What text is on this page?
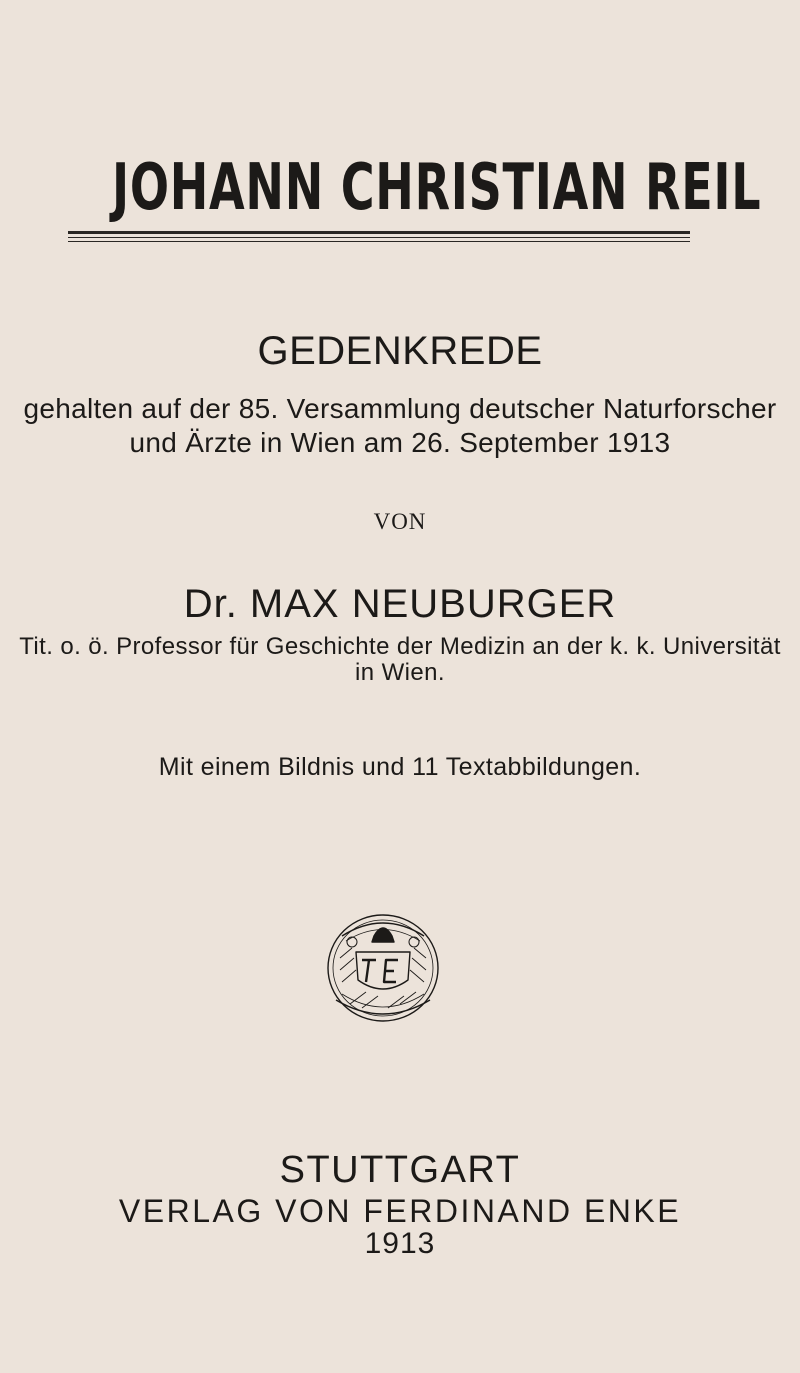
JOHANN CHRISTIAN REIL
GEDENKREDE
gehalten auf der 85. Versammlung deutscher Naturforscher
und Ärzte in Wien am 26. September 1913
VON
Dr. MAX NEUBURGER
Tit. o. ö. Professor für Geschichte der Medizin an der k. k. Universität
in Wien.
Mit einem Bildnis und 11 Textabbildungen.
STUTTGART
VERLAG VON FERDINAND ENKE
1913
